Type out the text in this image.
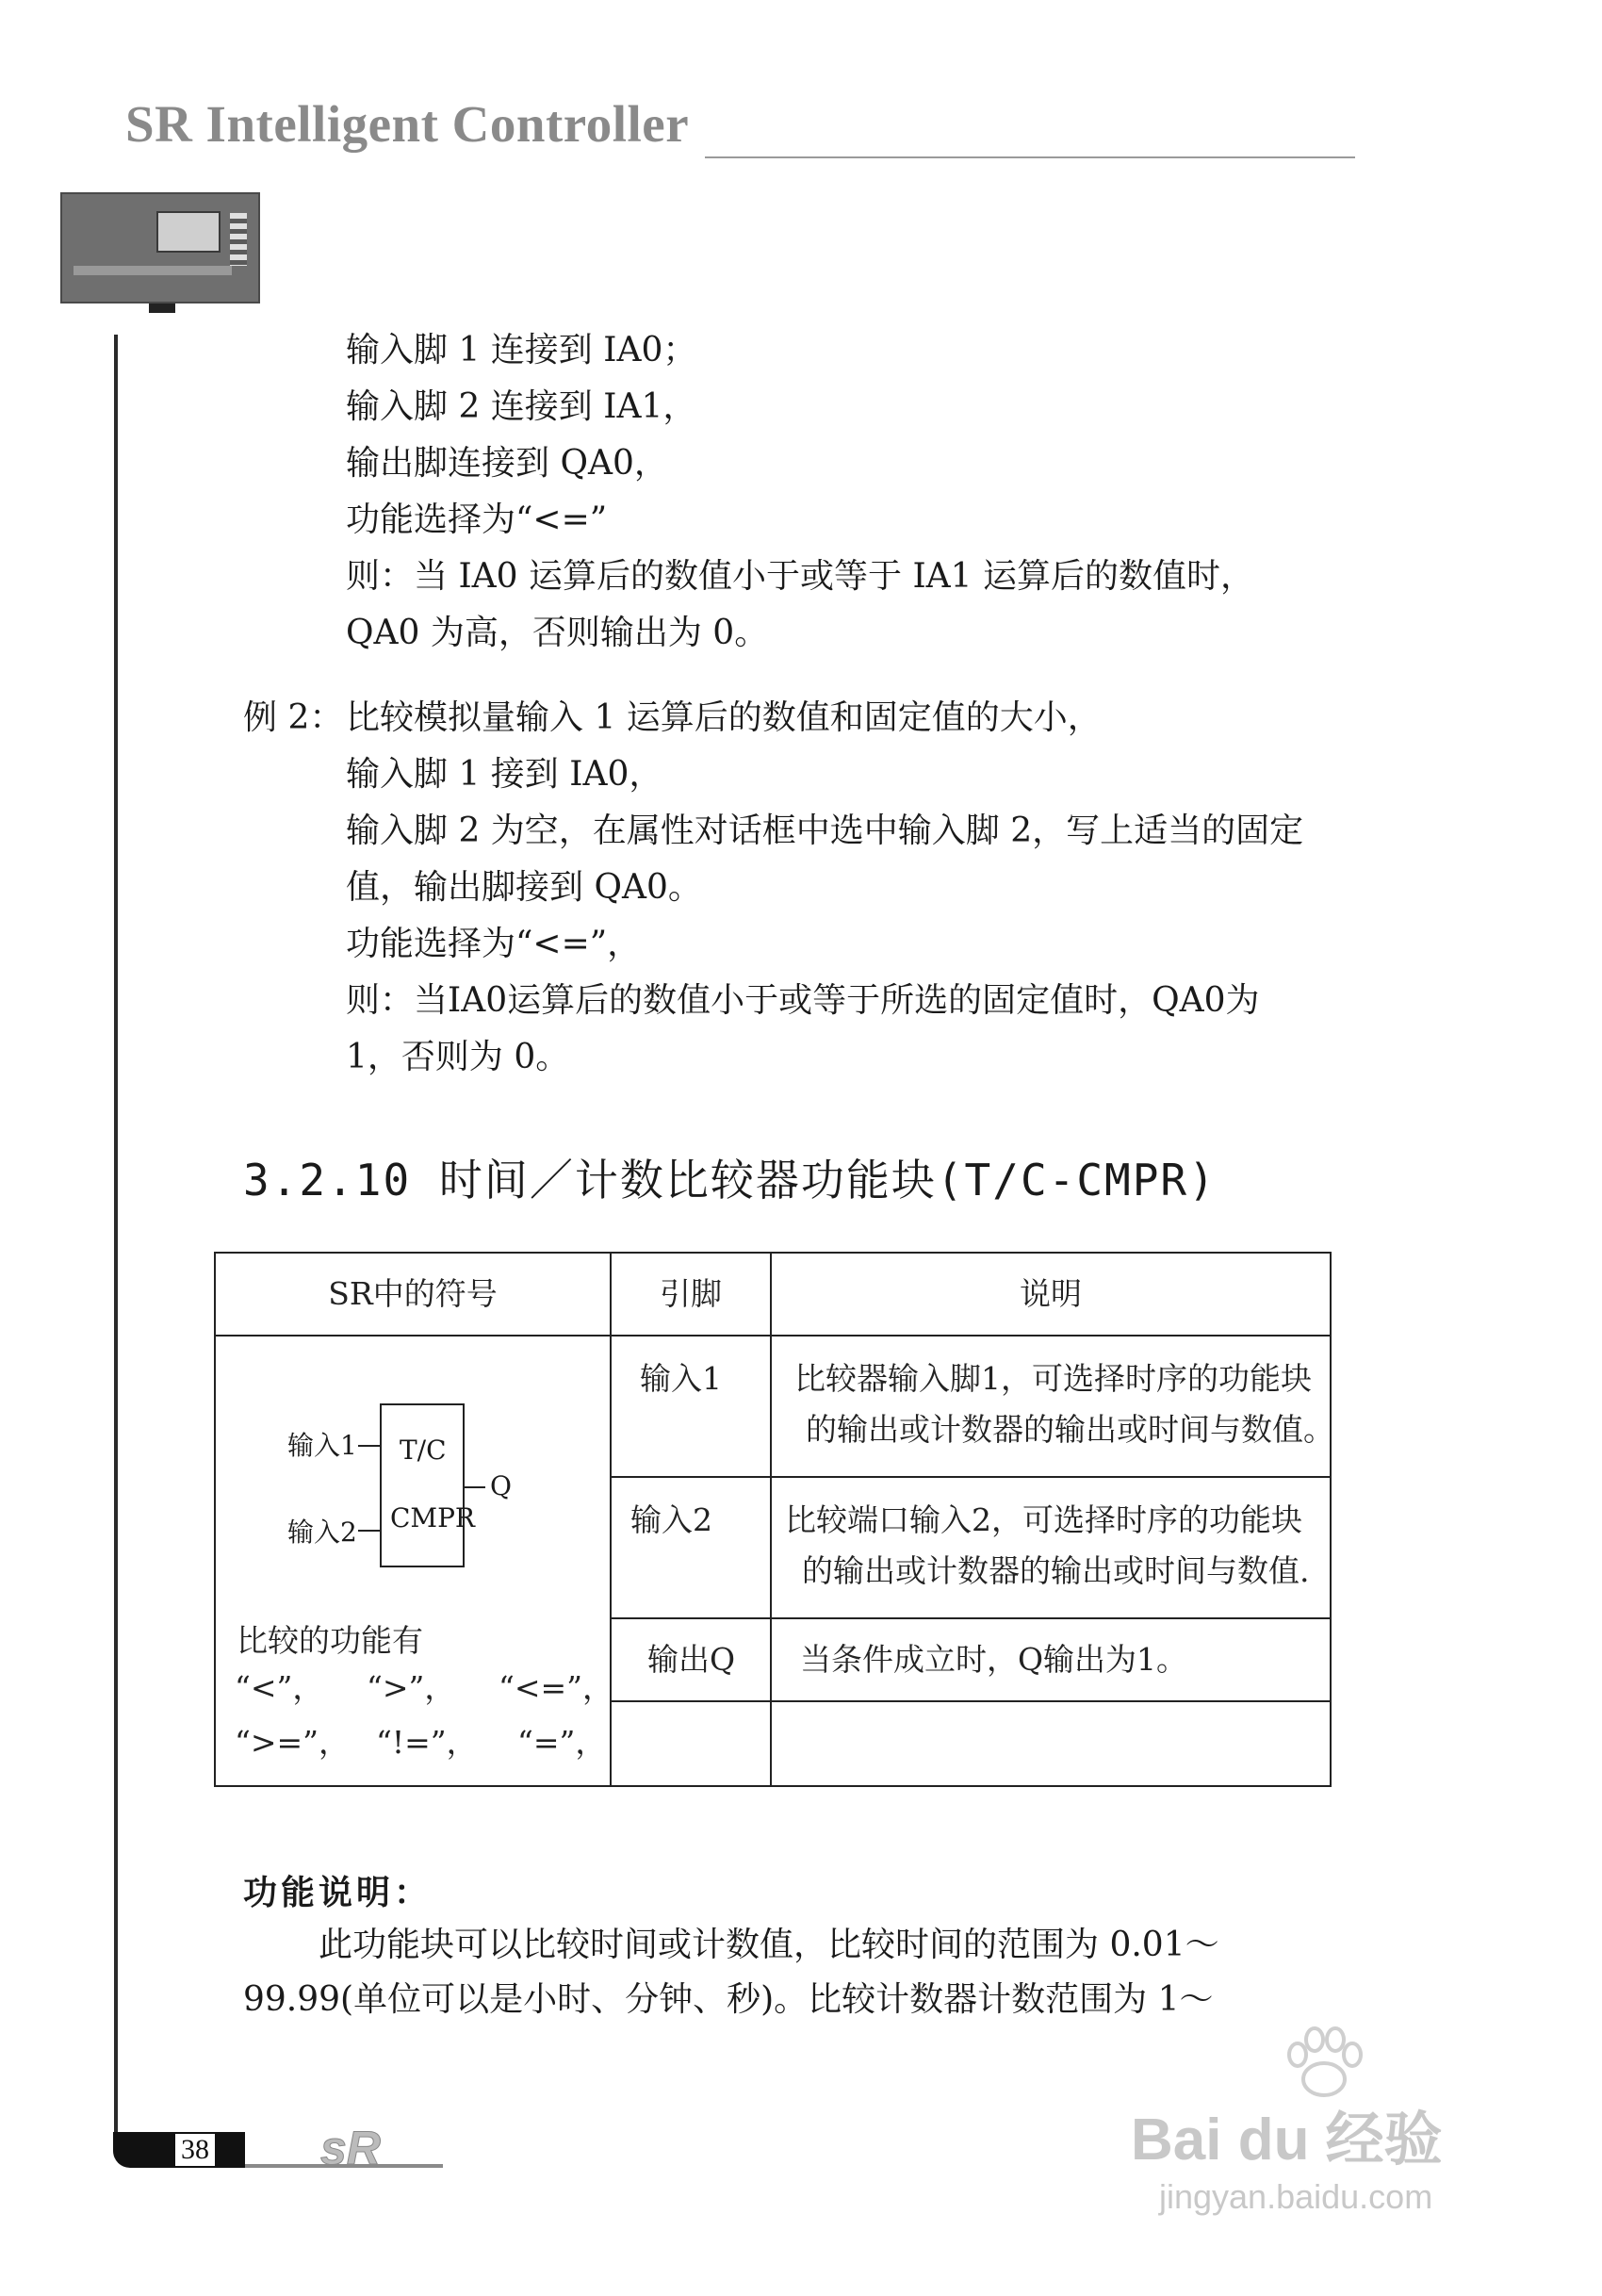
SR Intelligent Controller
输入脚 1 连接到 IA0；
输入脚 2 连接到 IA1，
输出脚连接到 QA0，
功能选择为“<=”
则：当 IA0 运算后的数值小于或等于 IA1 运算后的数值时，
QA0 为高，否则输出为 0。
例 2： 比较模拟量输入 1 运算后的数值和固定值的大小，
输入脚 1 接到 IA0，
输入脚 2 为空，在属性对话框中选中输入脚 2，写上适当的固定
值，输出脚接到 QA0。
功能选择为“<=”，
则：当IA0运算后的数值小于或等于所选的固定值时，QA0为
1，否则为 0。
3.2.10 时间／计数比较器功能块(T/C-CMPR)
SR中的符号	引脚	说明
输入1 比较器输入脚1，可选择时序的功能块
的输出或计数器的输出或时间与数值。
输入2 比较端口输入2，可选择时序的功能块
的输出或计数器的输出或时间与数值.
输出Q 当条件成立时，Q输出为1。
比较的功能有
“<”， “>”， “<=”，
“>=”， “!=”， “=”，
T/C
CMPR
输入1
输入2
Q
功能说明：
此功能块可以比较时间或计数值，比较时间的范围为 0.01～
99.99(单位可以是小时、分钟、秒)。比较计数器计数范围为 1～
38 sR	Bai du 经验
jingyan.baidu.com
